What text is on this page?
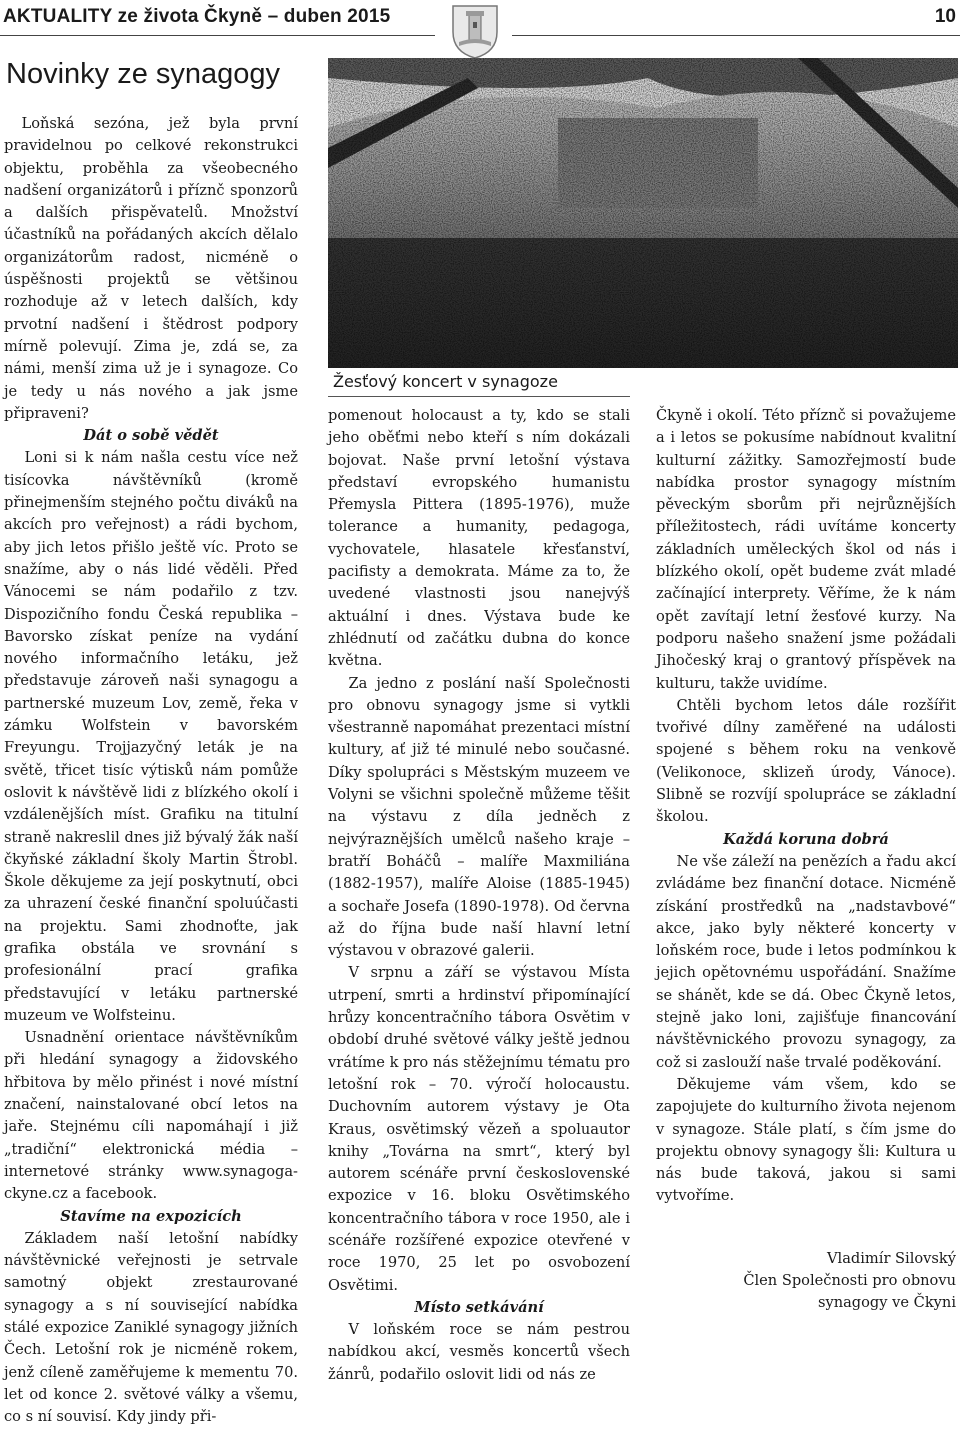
AKTUALITY ze života Čkyně – duben 2015	10
Novinky ze synagogy

Loňská sezóna, jež byla první pravidelnou po celkové rekonstrukci objektu, proběhla za všeobecného nadšení organizátorů i příznč sponzorů a dalších přispěvatelů. Množství účastníků na pořádaných akcích dělalo organizátorům radost, nicméně o úspěšnosti projektů se většinou rozhoduje až v letech dalších, kdy prvotní nadšení i štědrost podpory mírně polevují. Zima je, zdá se, za námi, menší zima už je i synagoze. Co je tedy u nás nového a jak jsme připraveni?

Dát o sobě vědět

Loni si k nám našla cestu více než tisícovka návštěvníků (kromě přinejmenším stejného počtu diváků na akcích pro veřejnost) a rádi bychom, aby jich letos přišlo ještě víc. Proto se snažíme, aby o nás lidé věděli. Před Vánocemi se nám podařilo z tzv. Dispozičního fondu Česká republika – Bavorsko získat peníze na vydání nového informačního letáku, jež představuje zároveň naši synagogu a partnerské muzeum Lov, země, řeka v zámku Wolfstein v bavorském Freyungu. Trojjazyčný leták je na světě, třicet tisíc výtisků nám pomůže oslovit k návštěvě lidi z blízkého okolí i vzdálenějších míst. Grafiku na titulní straně nakreslil dnes již bývalý žák naší čkyňské základní školy Martin Štrobl. Škole děkujeme za její poskytnutí, obci za uhrazení české finanční spoluúčasti na projektu. Sami zhodnoťte, jak grafika obstála ve srovnání s profesionální prací grafika představující v letáku partnerské muzeum ve Wolfsteinu.

Usnadnění orientace návštěvníkům při hledání synagogy a židovského hřbitova by mělo přinést i nové místní značení, nainstalované obcí letos na jaře. Stejnému cíli napomáhají i již „tradiční“ elektronická média – internetové stránky www.synagoga-ckyne.cz a facebook.

Stavíme na expozicích

Základem naší letošní nabídky návštěvnické veřejnosti je setrvale samotný objekt zrestaurované synagogy a s ní související nabídka stálé expozice Zaniklé synagogy jižních Čech. Letošní rok je nicméně rokem, jenž cíleně zaměřujeme k mementu 70. let od konce 2. světové války a všemu, co s ní souvisí. Kdy jindy při-

Žesťový koncert v synagoze

pomenout holocaust a ty, kdo se stali jeho oběťmi nebo kteří s ním dokázali bojovat. Naše první letošní výstava představí evropského humanistu Přemysla Pittera (1895-1976), muže tolerance a humanity, pedagoga, vychovatele, hlasatele křesťanství, pacifisty a demokrata. Máme za to, že uvedené vlastnosti jsou nanejvýš aktuální i dnes. Výstava bude ke zhlédnutí od začátku dubna do konce května.

Za jedno z poslání naší Společnosti pro obnovu synagogy jsme si vytkli všestranně napomáhat prezentaci místní kultury, ať již té minulé nebo současné. Díky spolupráci s Městským muzeem ve Volyni se všichni společně můžeme těšit na výstavu z díla jedněch z nejvýraznějších umělců našeho kraje – bratří Boháčů – malíře Maxmiliána (1882-1957), malíře Aloise (1885-1945) a sochaře Josefa (1890-1978). Od června až do října bude naší hlavní letní výstavou v obrazové galerii.

V srpnu a září se výstavou Místa utrpení, smrti a hrdinství připomínající hrůzy koncentračního tábora Osvětim v období druhé světové války ještě jednou vrátíme k pro nás stěžejnímu tématu pro letošní rok – 70. výročí holocaustu. Duchovním autorem výstavy je Ota Kraus, osvětimský vězeň a spoluautor knihy „Továrna na smrt“, který byl autorem scénáře první československé expozice v 16. bloku Osvětimského koncentračního tábora v roce 1950, ale i scénáře rozšířené expozice otevřené v roce 1970, 25 let po osvobození Osvětimi.

Místo setkávání

V loňském roce se nám pestrou nabídkou akcí, vesměs koncertů všech žánrů, podařilo oslovit lidi od nás ze

Čkyně i okolí. Této příznč si považujeme a i letos se pokusíme nabídnout kvalitní kulturní zážitky. Samozřejmostí bude nabídka prostor synagogy místním pěveckým sborům při nejrůznějších příležitostech, rádi uvítáme koncerty základních uměleckých škol od nás i blízkého okolí, opět budeme zvát mladé začínající interprety. Věříme, že k nám opět zavítají letní žesťové kurzy. Na podporu našeho snažení jsme požádali Jihočeský kraj o grantový příspěvek na kulturu, takže uvidíme.

Chtěli bychom letos dále rozšířit tvořivé dílny zaměřené na události spojené s během roku na venkově (Velikonoce, sklizeň úrody, Vánoce). Slibně se rozvíjí spolupráce se základní školou.

Každá koruna dobrá

Ne vše záleží na penězích a řadu akcí zvládáme bez finanční dotace. Nicméně získání prostředků na „nadstavbové“ akce, jako byly některé koncerty v loňském roce, bude i letos podmínkou k jejich opětovnému uspořádání. Snažíme se shánět, kde se dá. Obec Čkyně letos, stejně jako loni, zajišťuje financování návštěvnického provozu synagogy, za což si zaslouží naše trvalé poděkování.

Děkujeme vám všem, kdo se zapojujete do kulturního života nejenom v synagoze. Stále platí, s čím jsme do projektu obnovy synagogy šli: Kultura u nás bude taková, jakou si sami vytvoříme.

Vladimír Silovský
Člen Společnosti pro obnovu
synagogy ve Čkyni
